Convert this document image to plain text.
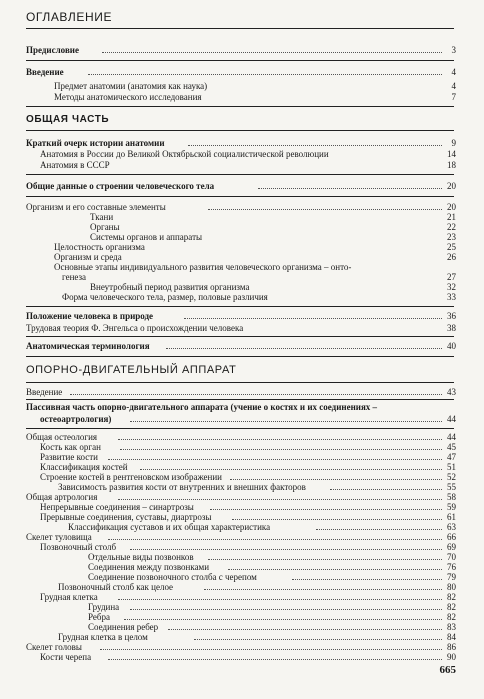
ОГЛАВЛЕНИЕ
Предисловие	3
Введение	4
Предмет анатомии (анатомия как наука)	4
Методы анатомического исследования	7
ОБЩАЯ ЧАСТЬ
Краткий очерк истории анатомии	9
Анатомия в России до Великой Октябрьской социалистической революции	14
Анатомия в СССР	18
Общие данные о строении человеческого тела	20
Организм и его составные элементы	20
Ткани	21
Органы	22
Системы органов и аппараты	23
Целостность организма	25
Организм и среда	26
Основные этапы индивидуального развития человеческого организма – онто-
генеза	27
Внеутробный период развития организма	32
Форма человеческого тела, размер, половые различия	33
Положение человека в природе	36
Трудовая теория Ф. Энгельса о происхождении человека	38
Анатомическая терминология	40
ОПОРНО-ДВИГАТЕЛЬНЫЙ АППАРАТ
Введение	43
Пассивная часть опорно-двигательного аппарата (учение о костях и их соединениях –
остеоартрология)	44
Общая остеология	44
Кость как орган	45
Развитие кости	47
Классификация костей	51
Строение костей в рентгеновском изображении	52
Зависимость развития кости от внутренних и внешних факторов	55
Общая артрология	58
Непрерывные соединения – синартрозы	59
Прерывные соединения, суставы, диартрозы	61
Классификация суставов и их общая характеристика	63
Скелет туловища	66
Позвоночный столб	69
Отдельные виды позвонков	70
Соединения между позвонками	76
Соединение позвоночного столба с черепом	79
Позвоночный столб как целое	80
Грудная клетка	82
Грудина	82
Ребра	82
Соединения ребер	83
Грудная клетка в целом	84
Скелет головы	86
Кости черепа	90
665
